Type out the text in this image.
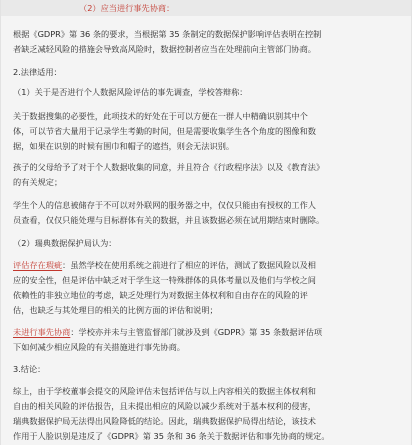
（2）应当进行事先协商：
根据《GDPR》第 36 条的要求，当根据第 35 条制定的数据保护影响评估表明在控制
者缺乏减轻风险的措施会导致高风险时，数据控制者应当在处理前向主管部门协商。
2.法律适用：
（1）关于是否进行个人数据风险评估的事先调查，学校答辩称：
关于数据搜集的必要性，此项技术的好处在于可以方便在一群人中精确识别其中个
体，可以节省大量用于记录学生考勤的时间，但是需要收集学生各个角度的图像和数
据，如果在识别的时候有围巾和帽子的遮挡，则会无法识别。
孩子的父母给予了对于个人数据收集的同意，并且符合《行政程序法》以及《教育法》
的有关规定；
学生个人的信息被储存于不可以对外联网的服务器之中，仅仅只能由有授权的工作人
员查看，仅仅只能处理与目标群体有关的数据，并且该数据必须在试用期结束时删除。
（2）瑞典数据保护局认为：
评估存在瑕疵：虽然学校在使用系统之前进行了相应的评估，测试了数据风险以及相
应的安全性，但是评估中缺乏对于学生这一特殊群体的具体考量以及他们与学校之间
依赖性的非独立地位的考虑，缺乏处理行为对数据主体权利和自由存在的风险的评
估，也缺乏与其处理目的相关的比例方面的评估和说明；
未进行事先协商：学校亦并未与主管监督部门就涉及到《GDPR》第 35 条数据评估项
下如何减少相应风险的有关措施进行事先协商。
3.结论：
综上，由于学校董事会提交的风险评估未包括评估与以上内容相关的数据主体权利和
自由的相关风险的评估报告，且未提出相应的风险以减少系统对于基本权利的侵害，
瑞典数据保护局无法得出风险降低的结论。因此，瑞典数据保护局得出结论，该技术
作用于人脸识别是违反了《GDPR》第 35 条和 36 条关于数据评估和事先协商的规定。
